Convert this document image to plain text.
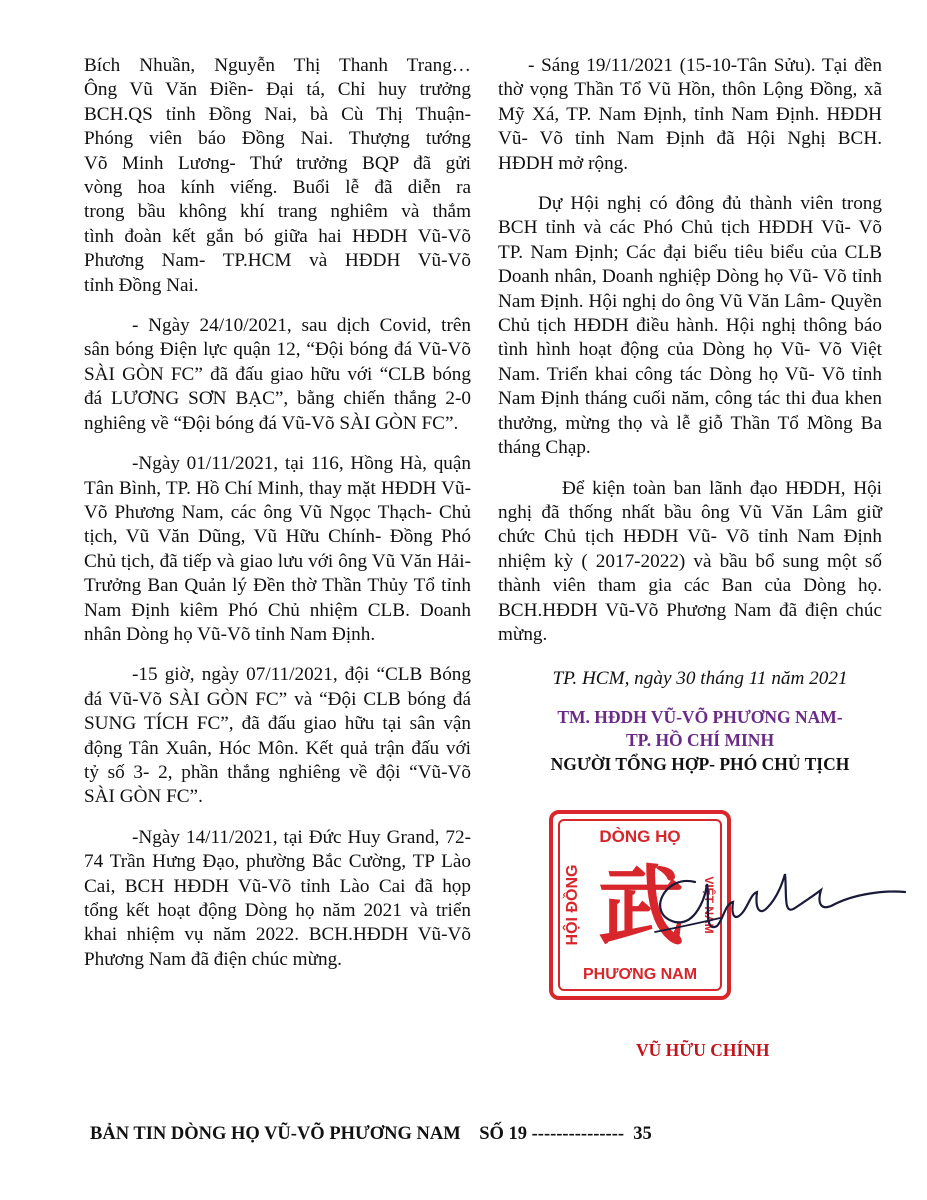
Bích Nhuần, Nguyễn Thị Thanh Trang…
Ông Vũ Văn Điền- Đại tá, Chỉ huy trưởng
BCH.QS tỉnh Đồng Nai, bà Cù Thị Thuận-
Phóng viên báo Đồng Nai. Thượng tướng
Võ Minh Lương- Thứ trưởng BQP đã gửi
vòng hoa kính viếng. Buổi lễ đã diễn ra
trong bầu không khí trang nghiêm và thắm
tình đoàn kết gắn bó giữa hai HĐDH Vũ-Võ
Phương Nam- TP.HCM và HĐDH Vũ-Võ
tỉnh Đồng Nai.

- Ngày 24/10/2021, sau dịch Covid, trên sân bóng Điện lực quận 12, “Đội bóng đá Vũ-Võ SÀI GÒN FC” đã đấu giao hữu với “CLB bóng đá LƯƠNG SƠN BẠC”, bằng chiến thắng 2-0 nghiêng về “Đội bóng đá Vũ-Võ SÀI GÒN FC”.

-Ngày 01/11/2021, tại 116, Hồng Hà, quận Tân Bình, TP. Hồ Chí Minh, thay mặt HĐDH Vũ-Võ Phương Nam, các ông Vũ Ngọc Thạch- Chủ tịch, Vũ Văn Dũng, Vũ Hữu Chính- Đồng Phó Chủ tịch, đã tiếp và giao lưu với ông Vũ Văn Hải- Trưởng Ban Quản lý Đền thờ Thần Thủy Tổ tỉnh Nam Định kiêm Phó Chủ nhiệm CLB. Doanh nhân Dòng họ Vũ-Võ tỉnh Nam Định.

-15 giờ, ngày 07/11/2021, đội “CLB Bóng đá Vũ-Võ SÀI GÒN FC” và “Đội CLB bóng đá SUNG TÍCH FC”, đã đấu giao hữu tại sân vận động Tân Xuân, Hóc Môn. Kết quả trận đấu với tỷ số 3- 2, phần thắng nghiêng về đội “Vũ-Võ SÀI GÒN FC”.

-Ngày 14/11/2021, tại Đức Huy Grand, 72-74 Trần Hưng Đạo, phường Bắc Cường, TP Lào Cai, BCH HĐDH Vũ-Võ tỉnh Lào Cai đã họp tổng kết hoạt động Dòng họ năm 2021 và triển khai nhiệm vụ năm 2022. BCH.HĐDH Vũ-Võ Phương Nam đã điện chúc mừng.

- Sáng 19/11/2021 (15-10-Tân Sửu). Tại đền thờ vọng Thần Tổ Vũ Hồn, thôn Lộng Đồng, xã Mỹ Xá, TP. Nam Định, tỉnh Nam Định. HĐDH Vũ- Võ tỉnh Nam Định đã Hội Nghị BCH. HĐDH mở rộng.

Dự Hội nghị có đông đủ thành viên trong BCH tỉnh và các Phó Chủ tịch HĐDH Vũ- Võ TP. Nam Định; Các đại biểu tiêu biểu của CLB Doanh nhân, Doanh nghiệp Dòng họ Vũ- Võ tỉnh Nam Định. Hội nghị do ông Vũ Văn Lâm- Quyền Chủ tịch HĐDH điều hành. Hội nghị thông báo tình hình hoạt động của Dòng họ Vũ- Võ Việt Nam. Triển khai công tác Dòng họ Vũ- Võ tỉnh Nam Định tháng cuối năm, công tác thi đua khen thưởng, mừng thọ và lễ giỗ Thần Tổ Mồng Ba tháng Chạp.

Để kiện toàn ban lãnh đạo HĐDH, Hội nghị đã thống nhất bầu ông Vũ Văn Lâm giữ chức Chủ tịch HĐDH Vũ- Võ tỉnh Nam Định nhiệm kỳ ( 2017-2022) và bầu bổ sung một số thành viên tham gia các Ban của Dòng họ. BCH.HĐDH Vũ-Võ Phương Nam đã điện chúc mừng.

TP. HCM, ngày 30 tháng 11 năm 2021

TM. HĐDH VŨ-VÕ PHƯƠNG NAM-

TP. HỒ CHÍ MINH

NGƯỜI TỔNG HỢP- PHÓ CHỦ TỊCH

DÒNG HỌ
PHƯƠNG NAM
HỘI ĐỒNG	VIỆT NAM
武
VŨ HỮU CHÍNH
BẢN TIN DÒNG HỌ VŨ-VÕ PHƯƠNG NAM SỐ 19 --------------- 35
